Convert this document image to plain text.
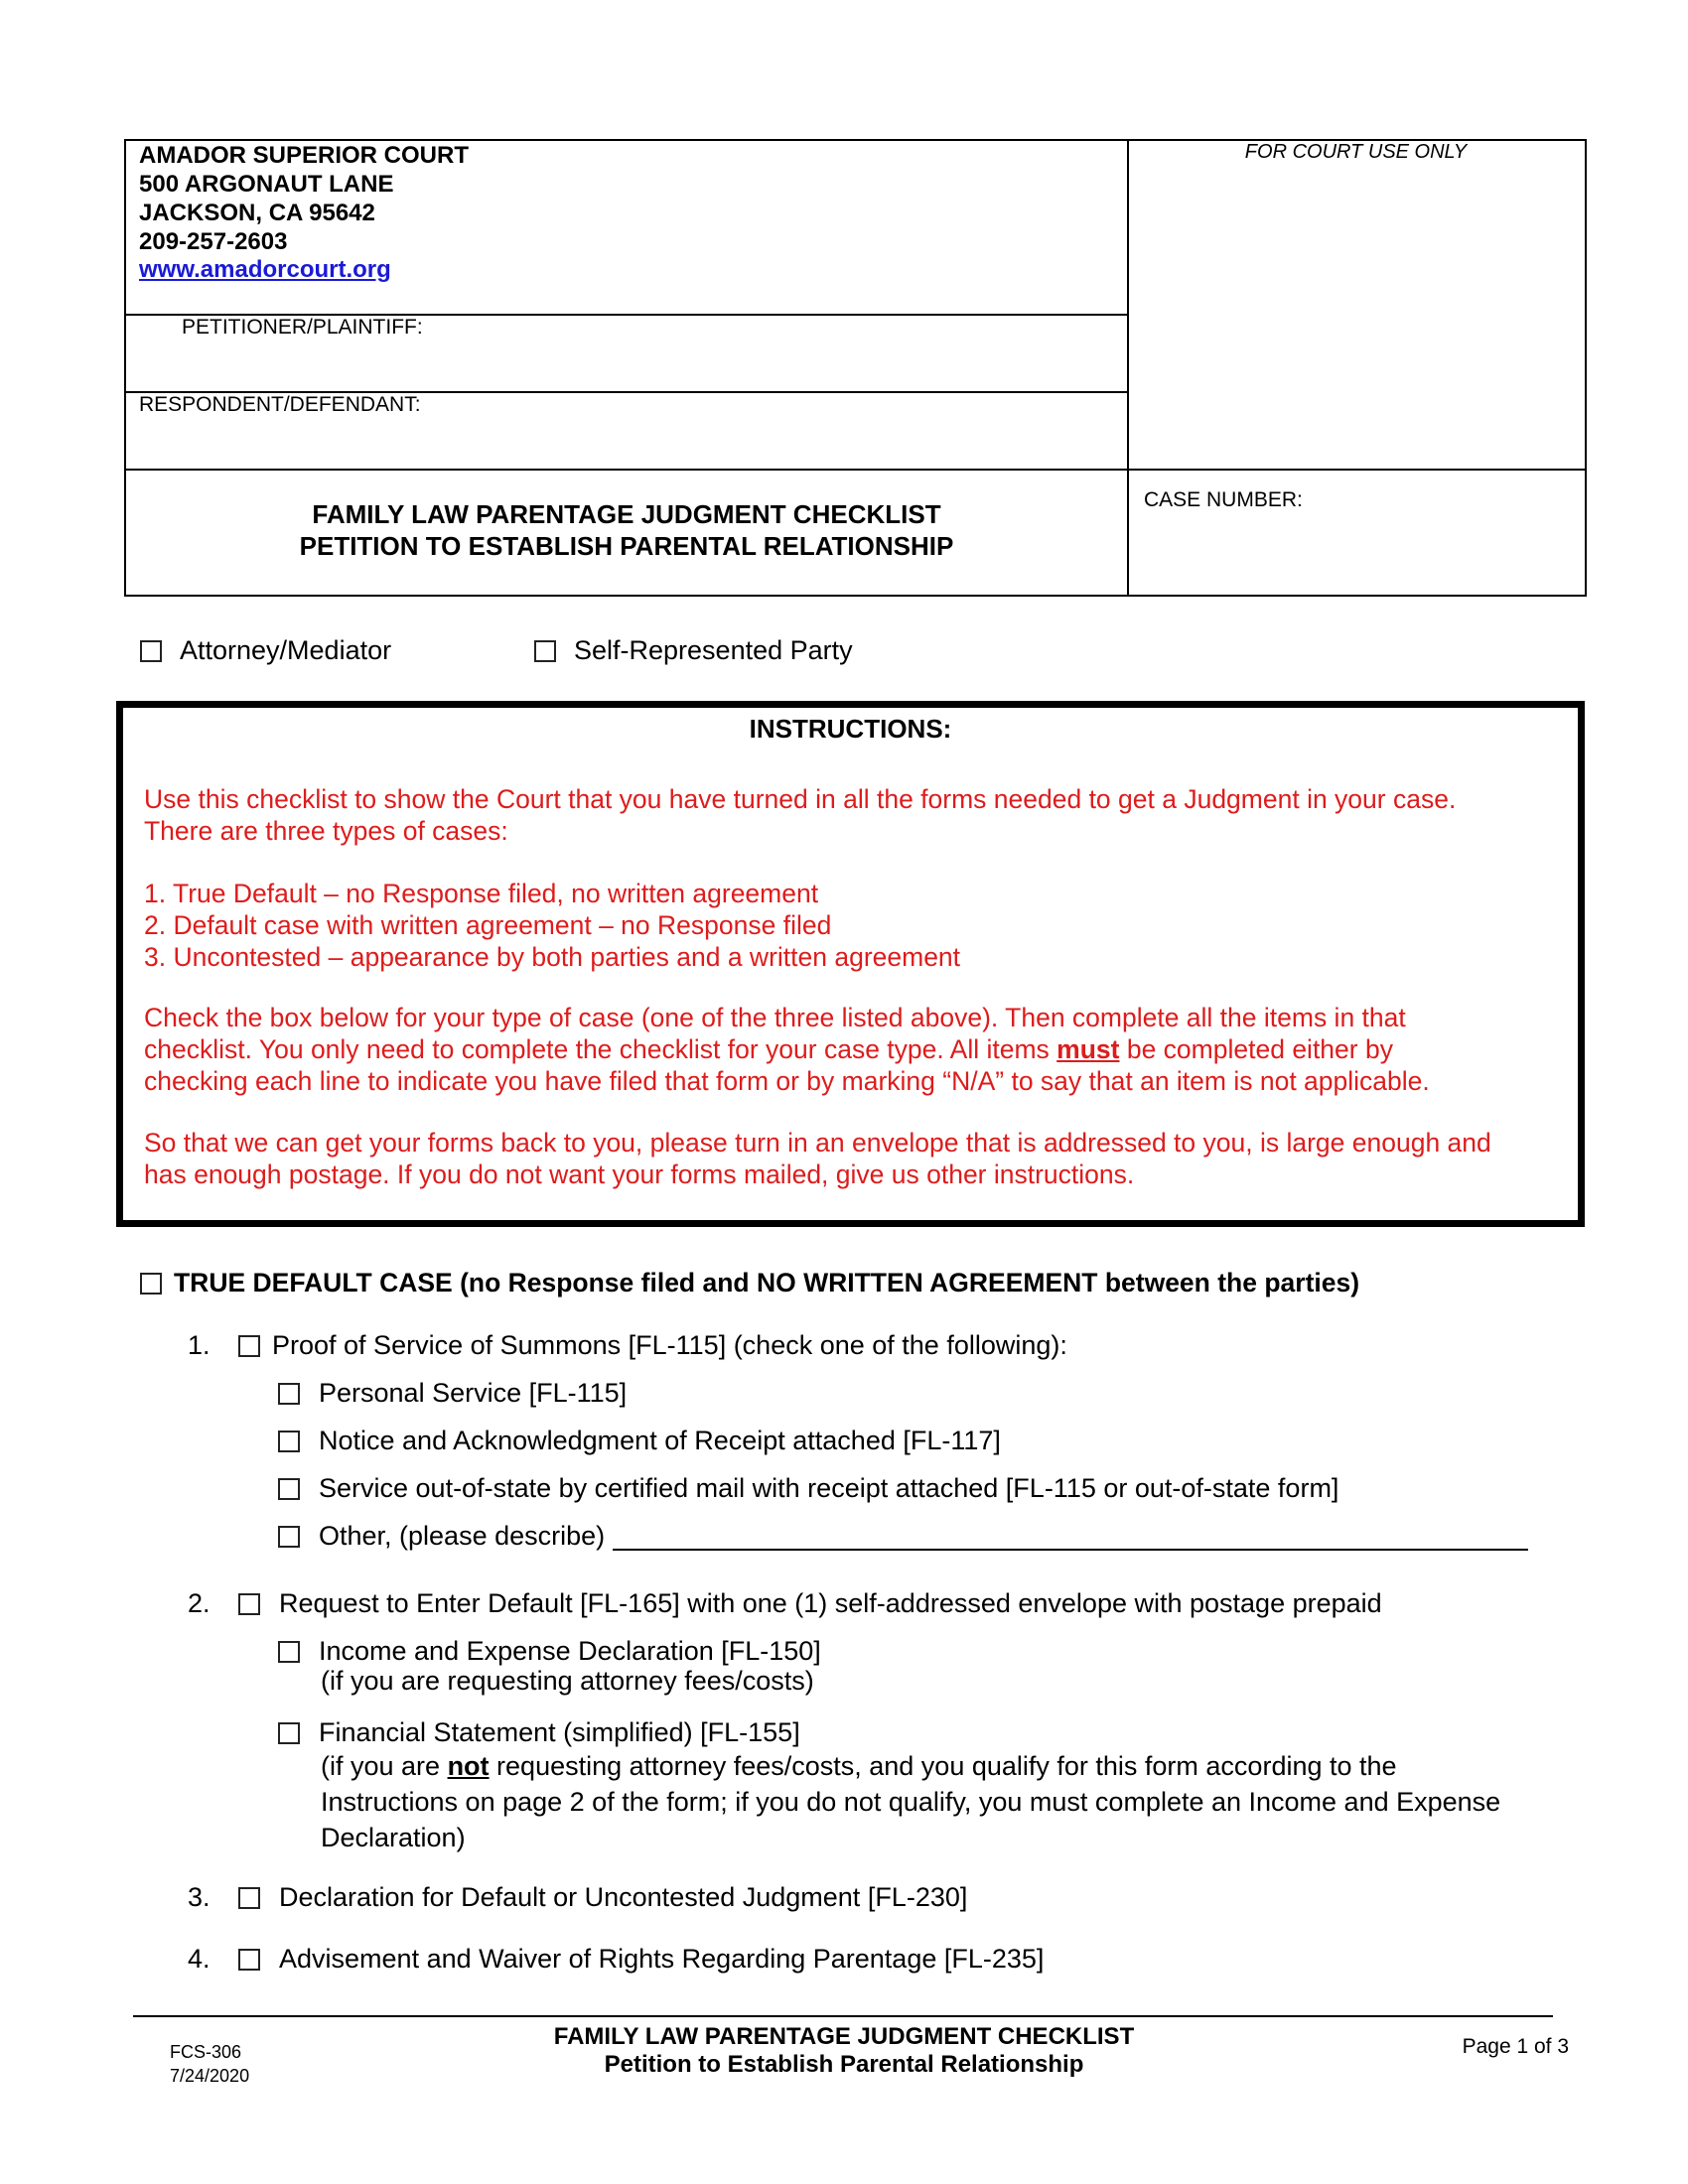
AMADOR SUPERIOR COURT
500 ARGONAUT LANE
JACKSON, CA 95642
209-257-2603
www.amadorcourt.org
PETITIONER/PLAINTIFF:
RESPONDENT/DEFENDANT:
FAMILY LAW PARENTAGE JUDGMENT CHECKLIST
PETITION TO ESTABLISH PARENTAL RELATIONSHIP
FOR COURT USE ONLY
CASE NUMBER:
Attorney/Mediator	Self-Represented Party
INSTRUCTIONS:
Use this checklist to show the Court that you have turned in all the forms needed to get a Judgment in your case.
There are three types of cases:
1. True Default – no Response filed, no written agreement
2. Default case with written agreement – no Response filed
3. Uncontested – appearance by both parties and a written agreement
Check the box below for your type of case (one of the three listed above). Then complete all the items in that
checklist. You only need to complete the checklist for your case type. All items must be completed either by
checking each line to indicate you have filed that form or by marking “N/A” to say that an item is not applicable.
So that we can get your forms back to you, please turn in an envelope that is addressed to you, is large enough and
has enough postage. If you do not want your forms mailed, give us other instructions.
TRUE DEFAULT CASE (no Response filed and NO WRITTEN AGREEMENT between the parties)
1. Proof of Service of Summons [FL-115] (check one of the following):
Personal Service [FL-115]
Notice and Acknowledgment of Receipt attached [FL-117]
Service out-of-state by certified mail with receipt attached [FL-115 or out-of-state form]
Other, (please describe)
2.	Request to Enter Default [FL-165] with one (1) self-addressed envelope with postage prepaid
Income and Expense Declaration [FL-150]
(if you are requesting attorney fees/costs)
Financial Statement (simplified) [FL-155]
(if you are not requesting attorney fees/costs, and you qualify for this form according to the
Instructions on page 2 of the form; if you do not qualify, you must complete an Income and Expense
Declaration)
3.	Declaration for Default or Uncontested Judgment [FL-230]
4.	Advisement and Waiver of Rights Regarding Parentage [FL-235]
FCS-306
7/24/2020
FAMILY LAW PARENTAGE JUDGMENT CHECKLIST
Petition to Establish Parental Relationship
Page 1 of 3
